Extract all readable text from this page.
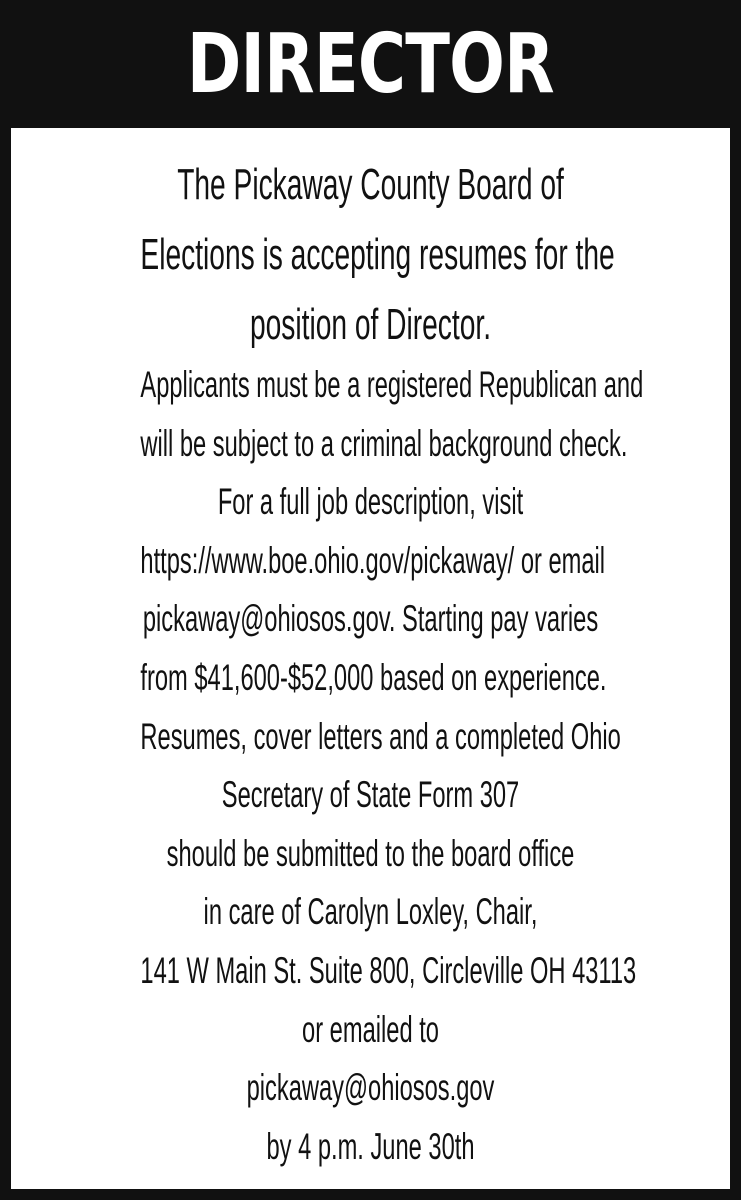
DIRECTOR
The Pickaway County Board of
Elections is accepting resumes for the
position of Director.
Applicants must be a registered Republican and
will be subject to a criminal background check.
For a full job description, visit
https://www.boe.ohio.gov/pickaway/ or email
pickaway@ohiosos.gov. Starting pay varies
from $41,600-$52,000 based on experience.
Resumes, cover letters and a completed Ohio
Secretary of State Form 307
should be submitted to the board office
in care of Carolyn Loxley, Chair,
141 W Main St. Suite 800, Circleville OH 43113
or emailed to
pickaway@ohiosos.gov
by 4 p.m. June 30th
